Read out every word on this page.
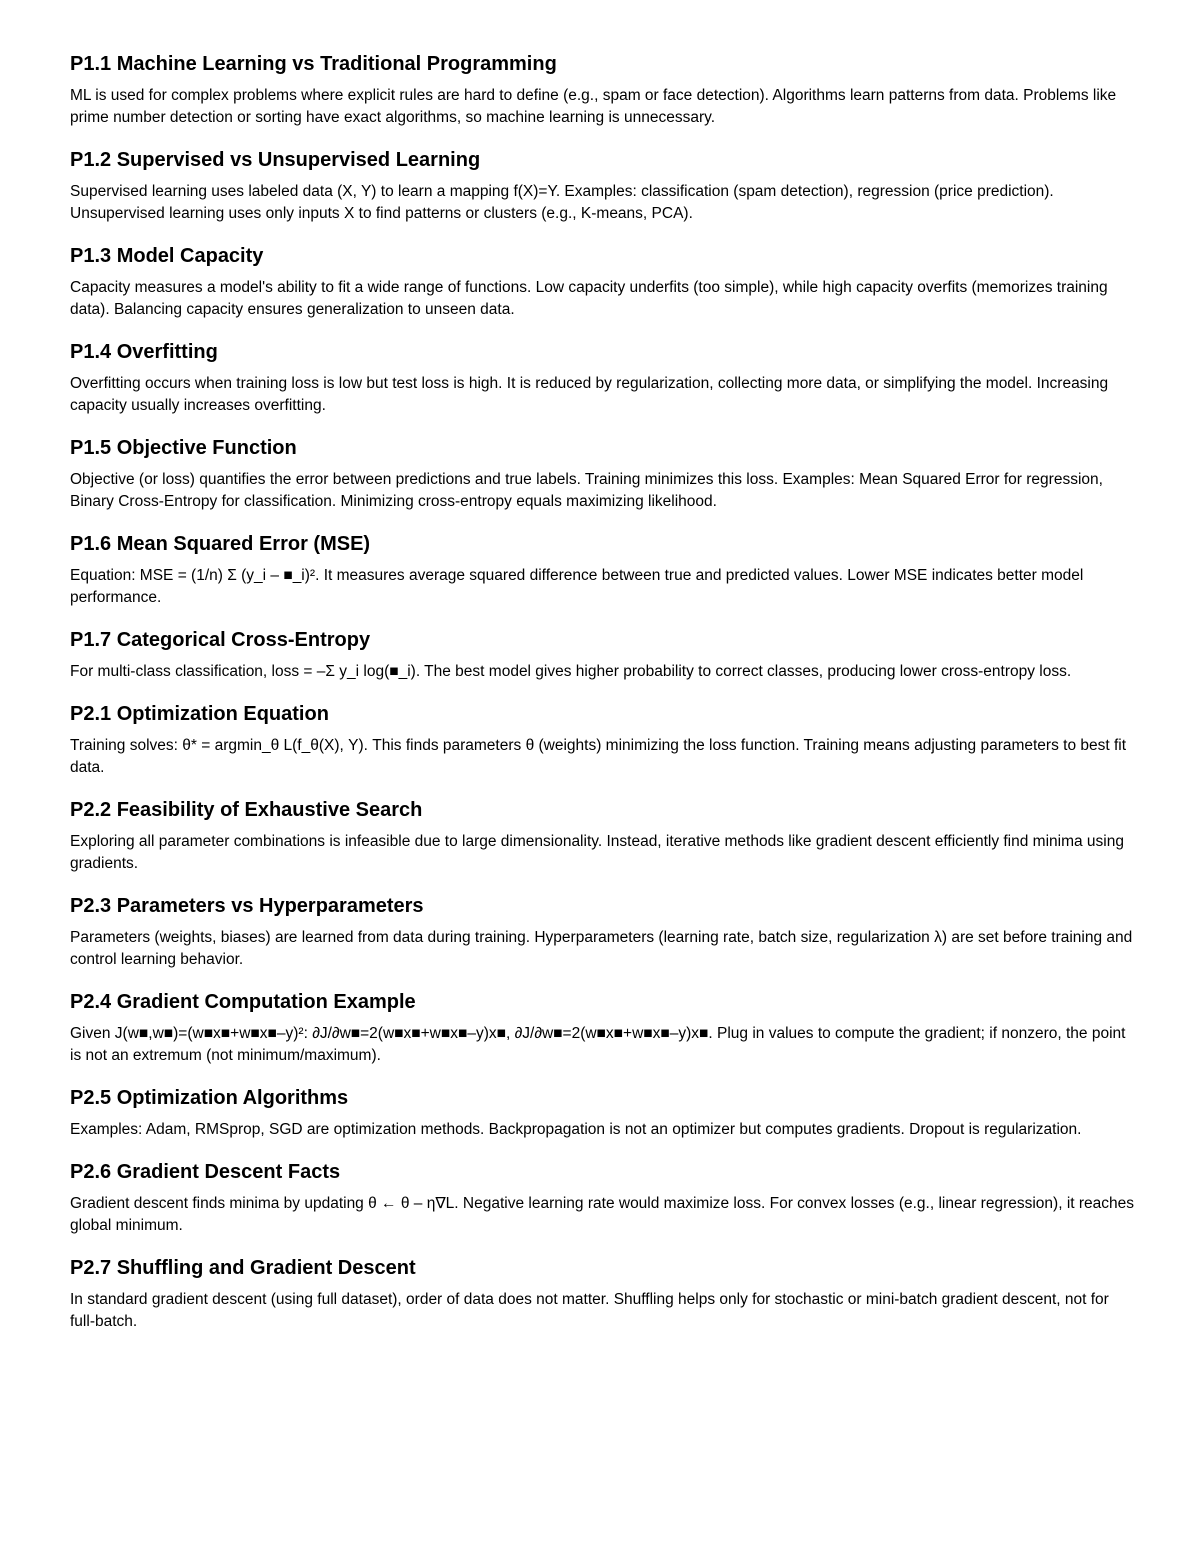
P1.1 Machine Learning vs Traditional Programming

ML is used for complex problems where explicit rules are hard to define (e.g., spam or face detection). Algorithms learn patterns from data. Problems like prime number detection or sorting have exact algorithms, so machine learning is unnecessary.

P1.2 Supervised vs Unsupervised Learning

Supervised learning uses labeled data (X, Y) to learn a mapping f(X)=Y. Examples: classification (spam detection), regression (price prediction). Unsupervised learning uses only inputs X to find patterns or clusters (e.g., K-means, PCA).

P1.3 Model Capacity

Capacity measures a model's ability to fit a wide range of functions. Low capacity underfits (too simple), while high capacity overfits (memorizes training data). Balancing capacity ensures generalization to unseen data.

P1.4 Overfitting

Overfitting occurs when training loss is low but test loss is high. It is reduced by regularization, collecting more data, or simplifying the model. Increasing capacity usually increases overfitting.

P1.5 Objective Function

Objective (or loss) quantifies the error between predictions and true labels. Training minimizes this loss. Examples: Mean Squared Error for regression, Binary Cross-Entropy for classification. Minimizing cross-entropy equals maximizing likelihood.

P1.6 Mean Squared Error (MSE)

Equation: MSE = (1/n) Σ (y_i – ■_i)². It measures average squared difference between true and predicted values. Lower MSE indicates better model performance.

P1.7 Categorical Cross-Entropy

For multi-class classification, loss = –Σ y_i log(■_i). The best model gives higher probability to correct classes, producing lower cross-entropy loss.

P2.1 Optimization Equation

Training solves: θ* = argmin_θ L(f_θ(X), Y). This finds parameters θ (weights) minimizing the loss function. Training means adjusting parameters to best fit data.

P2.2 Feasibility of Exhaustive Search

Exploring all parameter combinations is infeasible due to large dimensionality. Instead, iterative methods like gradient descent efficiently find minima using gradients.

P2.3 Parameters vs Hyperparameters

Parameters (weights, biases) are learned from data during training. Hyperparameters (learning rate, batch size, regularization λ) are set before training and control learning behavior.

P2.4 Gradient Computation Example

Given J(w■,w■)=(w■x■+w■x■–y)²: ∂J/∂w■=2(w■x■+w■x■–y)x■, ∂J/∂w■=2(w■x■+w■x■–y)x■. Plug in values to compute the gradient; if nonzero, the point is not an extremum (not minimum/maximum).

P2.5 Optimization Algorithms

Examples: Adam, RMSprop, SGD are optimization methods. Backpropagation is not an optimizer but computes gradients. Dropout is regularization.

P2.6 Gradient Descent Facts

Gradient descent finds minima by updating θ ← θ – η∇L. Negative learning rate would maximize loss. For convex losses (e.g., linear regression), it reaches global minimum.

P2.7 Shuffling and Gradient Descent

In standard gradient descent (using full dataset), order of data does not matter. Shuffling helps only for stochastic or mini-batch gradient descent, not for full-batch.
